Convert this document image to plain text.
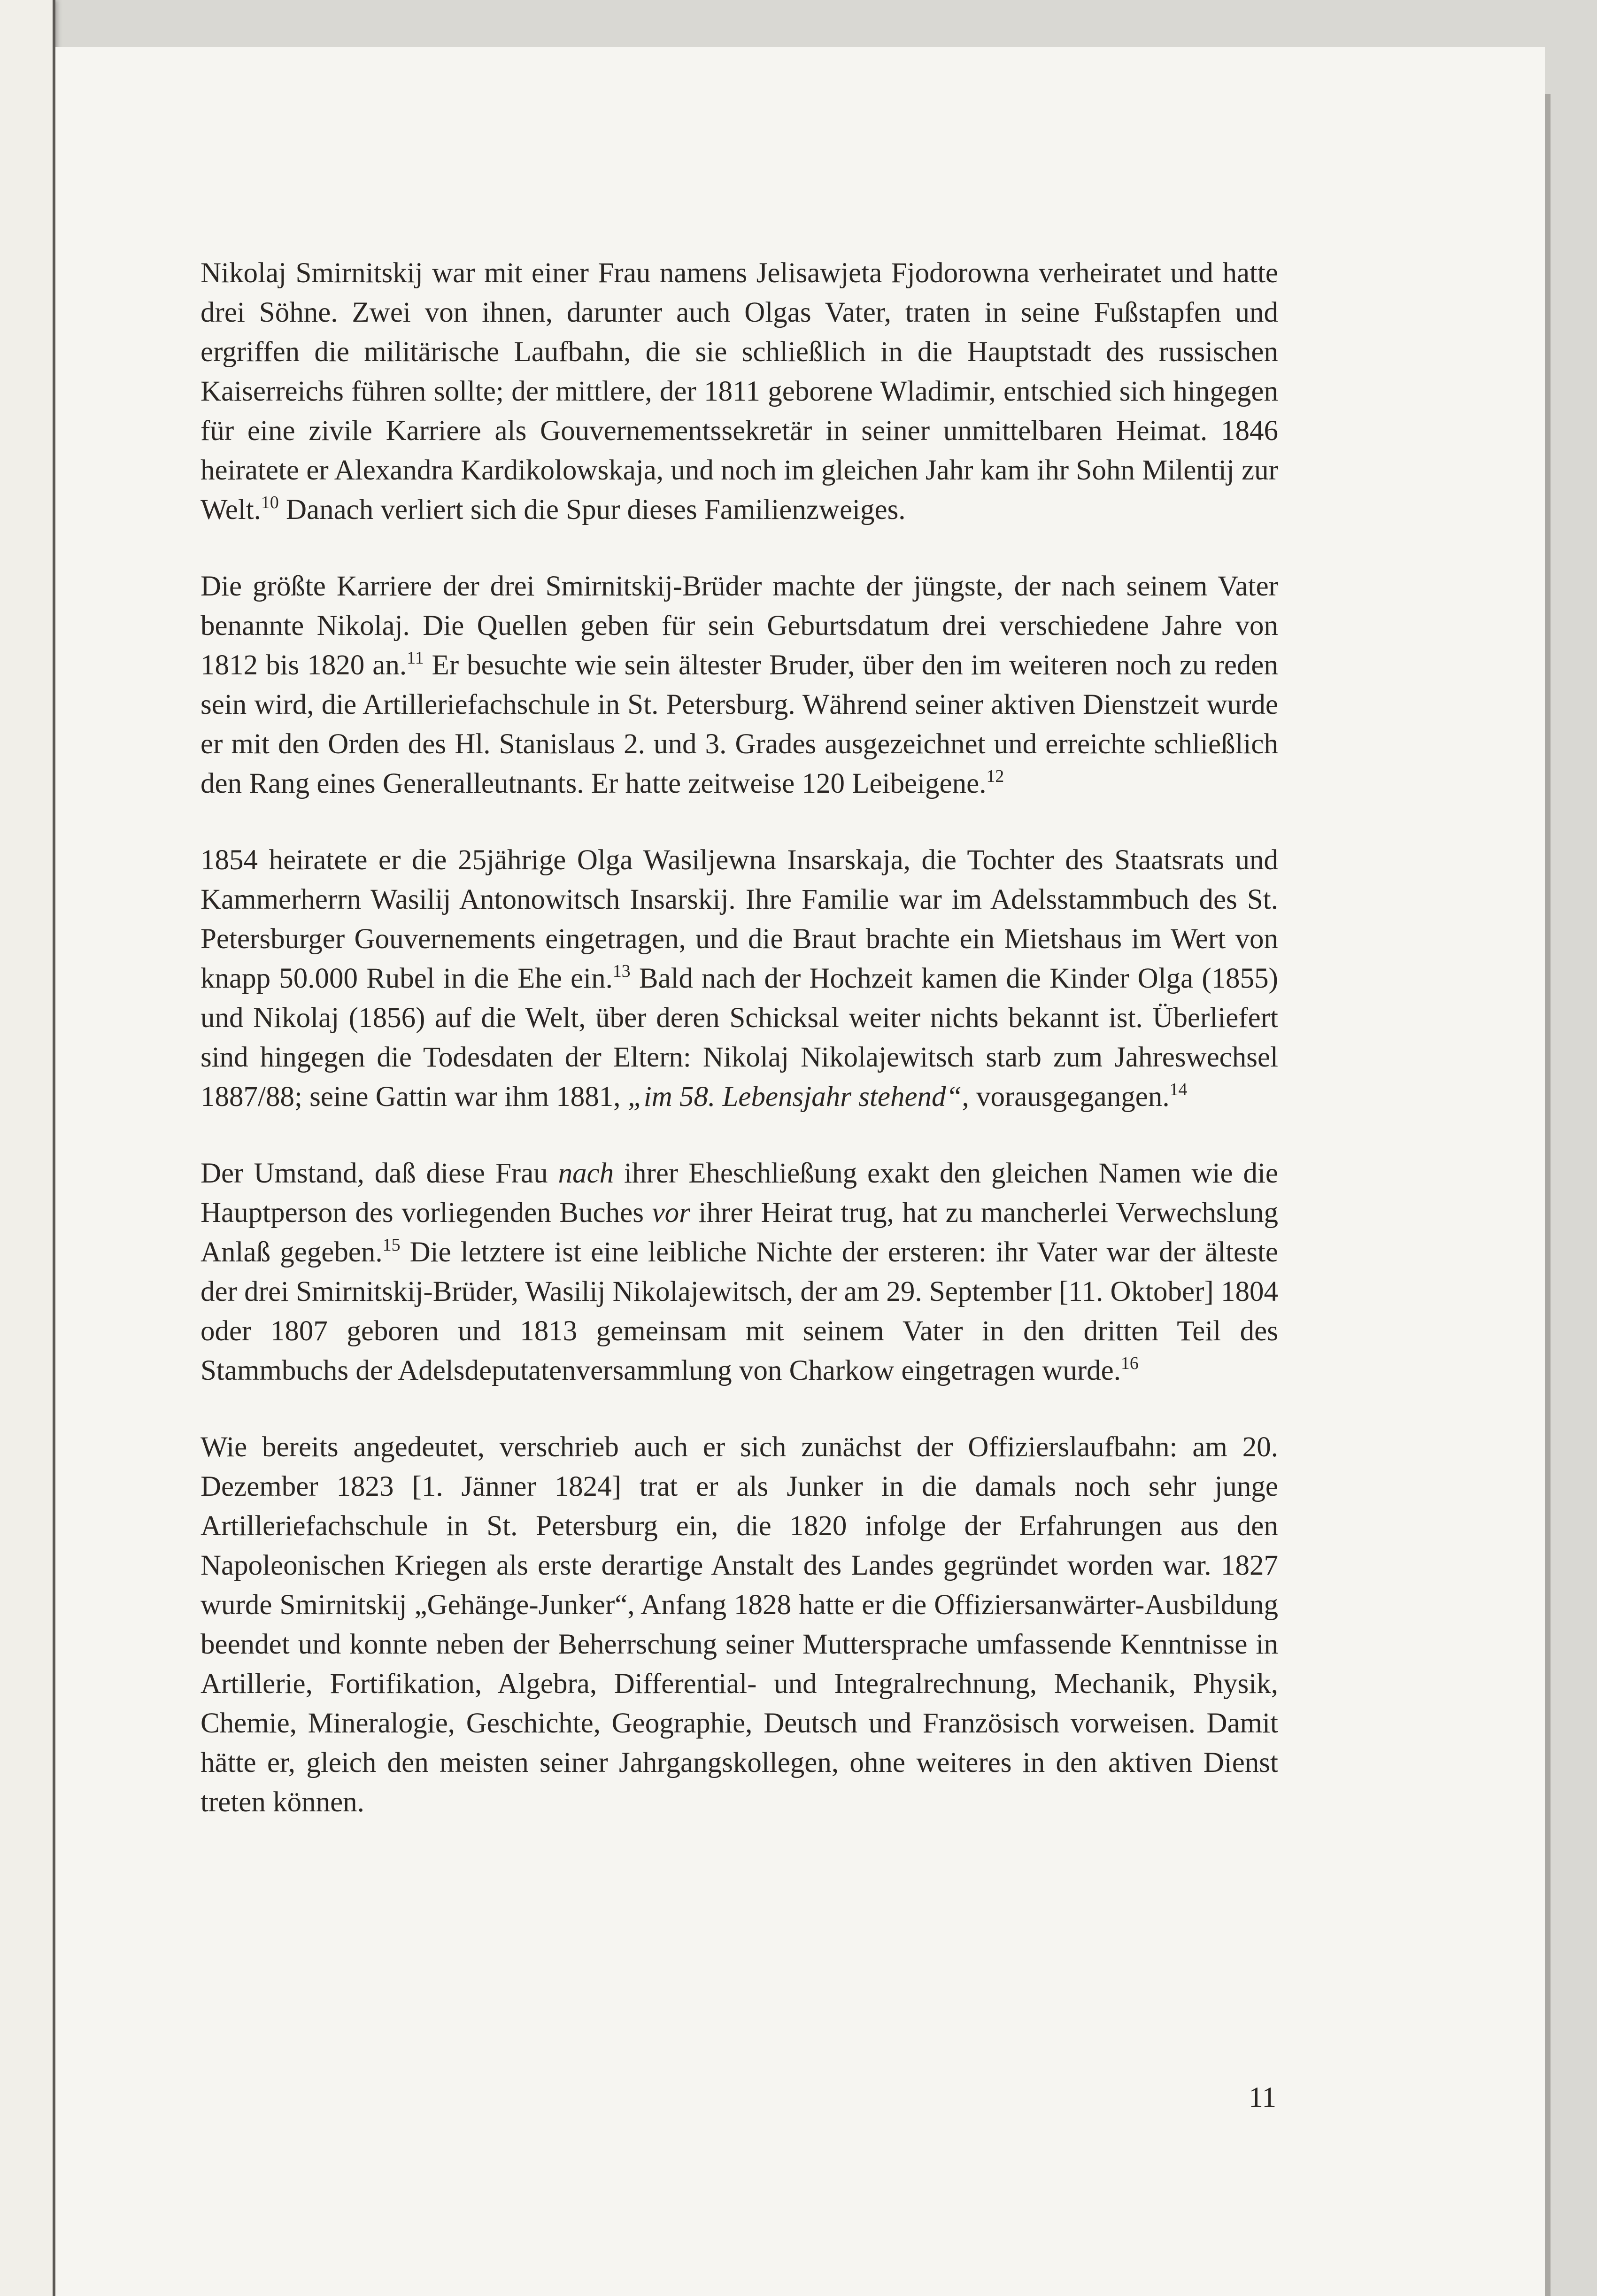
Nikolaj Smirnitskij war mit einer Frau namens Jelisawjeta Fjodorowna verheiratet und hatte drei Söhne. Zwei von ihnen, darunter auch Olgas Vater, traten in seine Fußstapfen und ergriffen die militärische Laufbahn, die sie schließlich in die Hauptstadt des russischen Kaiserreichs führen sollte; der mittlere, der 1811 geborene Wladimir, entschied sich hingegen für eine zivile Karriere als Gouvernementssekretär in seiner unmittelbaren Heimat. 1846 heiratete er Alexandra Kardikolowskaja, und noch im gleichen Jahr kam ihr Sohn Milentij zur Welt.$^{10}$ Danach verliert sich die Spur dieses Familienzweiges.

Die größte Karriere der drei Smirnitskij-Brüder machte der jüngste, der nach seinem Vater benannte Nikolaj. Die Quellen geben für sein Geburtsdatum drei verschiedene Jahre von 1812 bis 1820 an.$^{11}$ Er besuchte wie sein ältester Bruder, über den im weiteren noch zu reden sein wird, die Artilleriefachschule in St. Petersburg. Während seiner aktiven Dienstzeit wurde er mit den Orden des Hl. Stanislaus 2. und 3. Grades ausgezeichnet und erreichte schließlich den Rang eines Generalleutnants. Er hatte zeitweise 120 Leibeigene.$^{12}$

1854 heiratete er die 25jährige Olga Wasiljewna Insarskaja, die Tochter des Staatsrats und Kammerherrn Wasilij Antonowitsch Insarskij. Ihre Familie war im Adelsstammbuch des St. Petersburger Gouvernements eingetragen, und die Braut brachte ein Mietshaus im Wert von knapp 50.000 Rubel in die Ehe ein.$^{13}$ Bald nach der Hochzeit kamen die Kinder Olga (1855) und Nikolaj (1856) auf die Welt, über deren Schicksal weiter nichts bekannt ist. Überliefert sind hingegen die Todesdaten der Eltern: Nikolaj Nikolajewitsch starb zum Jahreswechsel 1887/88; seine Gattin war ihm 1881, „im 58. Lebensjahr stehend“, vorausgegangen.$^{14}$

Der Umstand, daß diese Frau nach ihrer Eheschließung exakt den gleichen Namen wie die Hauptperson des vorliegenden Buches vor ihrer Heirat trug, hat zu mancherlei Verwechslung Anlaß gegeben.$^{15}$ Die letztere ist eine leibliche Nichte der ersteren: ihr Vater war der älteste der drei Smirnitskij-Brüder, Wasilij Nikolajewitsch, der am 29. September [11. Oktober] 1804 oder 1807 geboren und 1813 gemeinsam mit seinem Vater in den dritten Teil des Stammbuchs der Adelsdeputatenversammlung von Charkow eingetragen wurde.$^{16}$

Wie bereits angedeutet, verschrieb auch er sich zunächst der Offizierslaufbahn: am 20. Dezember 1823 [1. Jänner 1824] trat er als Junker in die damals noch sehr junge Artilleriefachschule in St. Petersburg ein, die 1820 infolge der Erfahrungen aus den Napoleonischen Kriegen als erste derartige Anstalt des Landes gegründet worden war. 1827 wurde Smirnitskij „Gehänge-Junker“, Anfang 1828 hatte er die Offiziersanwärter-Ausbildung beendet und konnte neben der Beherrschung seiner Muttersprache umfassende Kenntnisse in Artillerie, Fortifikation, Algebra, Differential- und Integralrechnung, Mechanik, Physik, Chemie, Mineralogie, Geschichte, Geographie, Deutsch und Französisch vorweisen. Damit hätte er, gleich den meisten seiner Jahrgangskollegen, ohne weiteres in den aktiven Dienst treten können.

11
